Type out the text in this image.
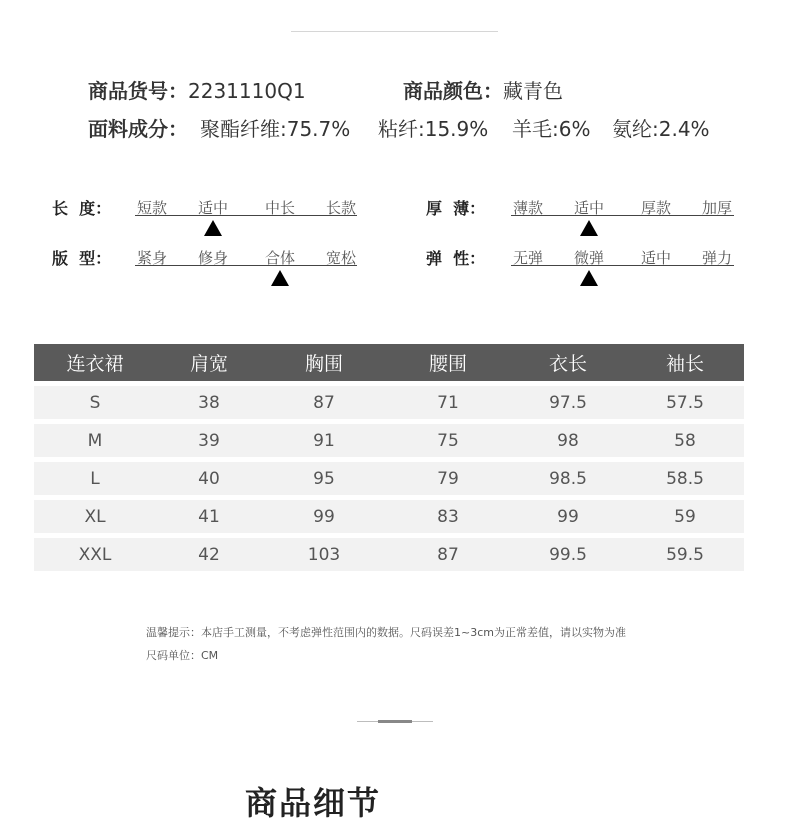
商品货号：2231110Q1	商品颜色：藏青色
面料成分： 聚酯纤维:75.7% 粘纤:15.9% 羊毛:6% 氨纶:2.4%
长  度： 短款 适中 中长 长款
版  型： 紧身 修身 合体 宽松
厚  薄： 薄款 适中 厚款 加厚
弹  性： 无弹 微弹 适中 弹力
连衣裙	肩宽	胸围	腰围	衣长	袖长
S	38	87	71	97.5	57.5
M	39	91	75	98	58
L	40	95	79	98.5	58.5
XL	41	99	83	99	59
XXL	42	103	87	99.5	59.5
温馨提示：本店手工测量，不考虑弹性范围内的数据。尺码误差1~3cm为正常差值，请以实物为准
尺码单位：CM
商品细节
